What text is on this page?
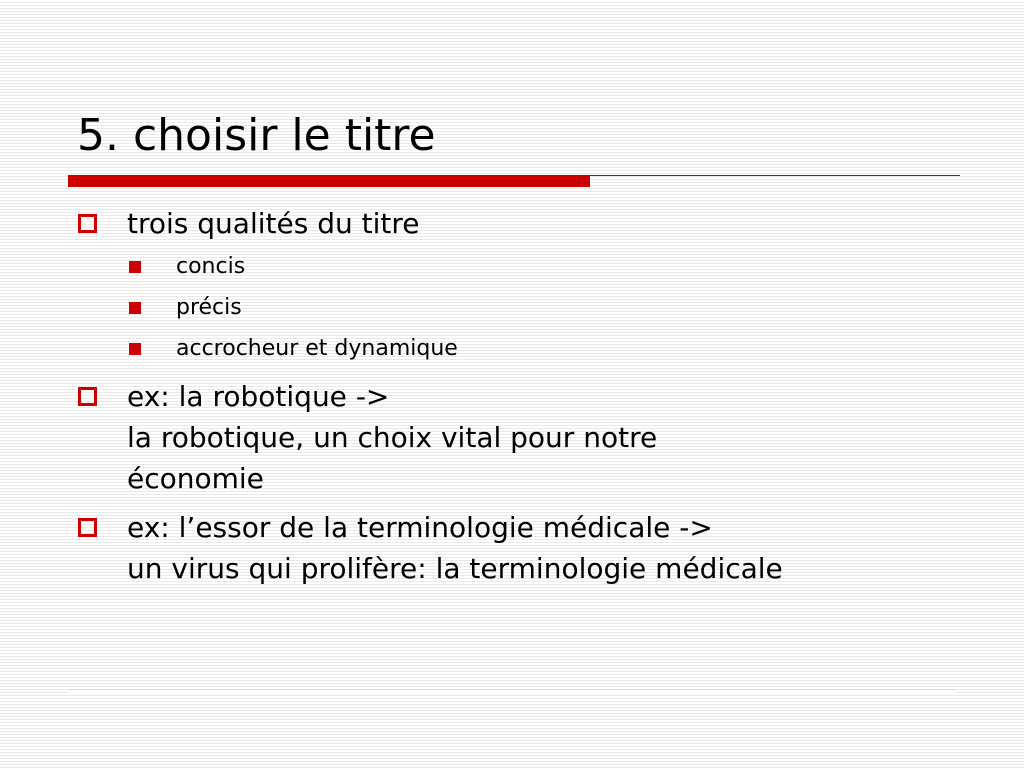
5. choisir le titre
trois qualités du titre
concis
précis
accrocheur et dynamique
ex: la robotique ->
la robotique, un choix vital pour notre
économie
ex: l’essor de la terminologie médicale ->
un virus qui prolifère: la terminologie médicale
